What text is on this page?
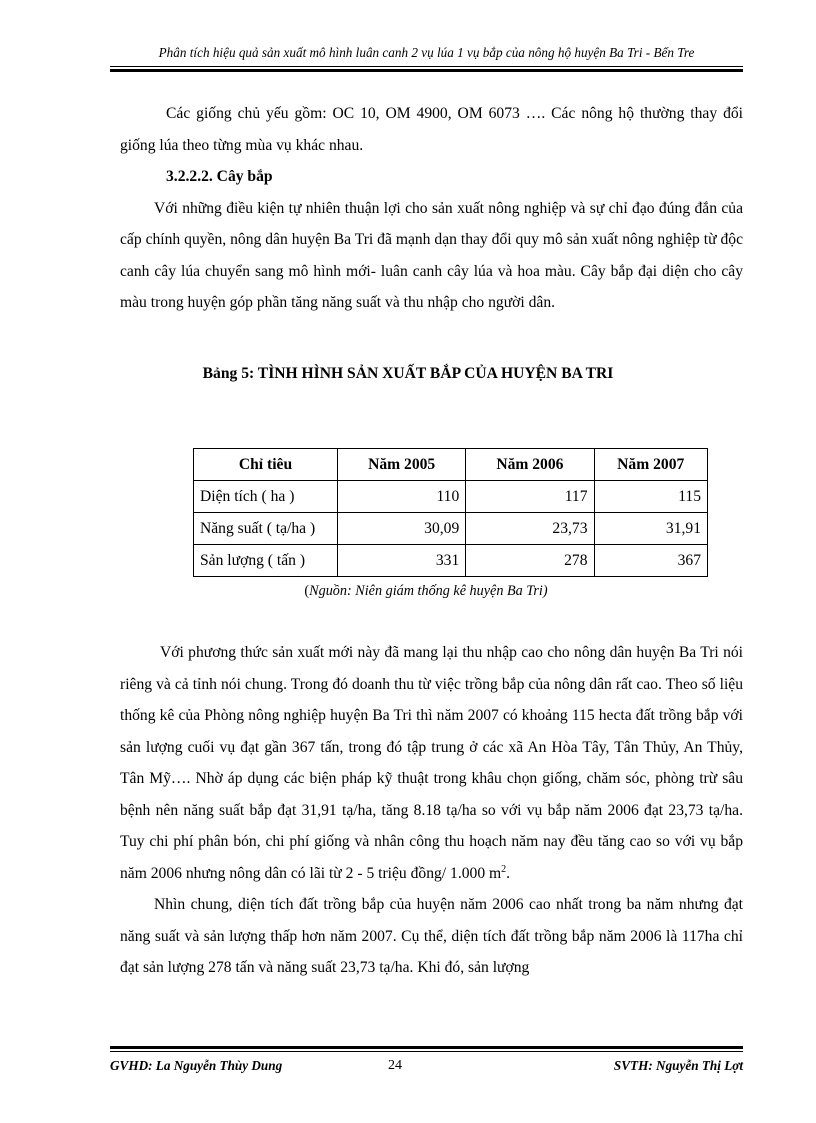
Phân tích hiệu quả sản xuất mô hình luân canh 2 vụ lúa 1 vụ bắp của nông hộ huyện Ba Tri - Bến Tre

Các giống chủ yếu gồm: OC 10, OM 4900, OM 6073 …. Các nông hộ thường thay đổi giống lúa theo từng mùa vụ khác nhau.

3.2.2.2. Cây bắp

Với những điều kiện tự nhiên thuận lợi cho sản xuất nông nghiệp và sự chỉ đạo đúng đắn của cấp chính quyền, nông dân huyện Ba Tri đã mạnh dạn thay đổi quy mô sản xuất nông nghiệp từ độc canh cây lúa chuyển sang mô hình mới- luân canh cây lúa và hoa màu. Cây bắp đại diện cho cây màu trong huyện góp phần tăng năng suất và thu nhập cho người dân.

Bảng 5: TÌNH HÌNH SẢN XUẤT BẮP CỦA HUYỆN BA TRI
Chỉ tiêu	Năm 2005	Năm 2006	Năm 2007
Diện tích ( ha )	110	117	115
Năng suất ( tạ/ha )	30,09	23,73	31,91
Sản lượng ( tấn )	331	278	367
(Nguồn: Niên giám thống kê huyện Ba Tri)

Với phương thức sản xuất mới này đã mang lại thu nhập cao cho nông dân huyện Ba Tri nói riêng và cả tỉnh nói chung. Trong đó doanh thu từ việc trồng bắp của nông dân rất cao. Theo số liệu thống kê của Phòng nông nghiệp huyện Ba Tri thì năm 2007 có khoảng 115 hecta đất trồng bắp với sản lượng cuối vụ đạt gần 367 tấn, trong đó tập trung ở các xã An Hòa Tây, Tân Thủy, An Thủy, Tân Mỹ…. Nhờ áp dụng các biện pháp kỹ thuật trong khâu chọn giống, chăm sóc, phòng trừ sâu bệnh nên năng suất bắp đạt 31,91 tạ/ha, tăng 8.18 tạ/ha so với vụ bắp năm 2006 đạt 23,73 tạ/ha. Tuy chi phí phân bón, chi phí giống và nhân công thu hoạch năm nay đều tăng cao so với vụ bắp năm 2006 nhưng nông dân có lãi từ 2 - 5 triệu đồng/ 1.000 $m^2$.

Nhìn chung, diện tích đất trồng bắp của huyện năm 2006 cao nhất trong ba năm nhưng đạt năng suất và sản lượng thấp hơn năm 2007. Cụ thể, diện tích đất trồng bắp năm 2006 là 117ha chỉ đạt sản lượng 278 tấn và năng suất 23,73 tạ/ha. Khi đó, sản lượng

GVHD: La Nguyễn Thùy Dung	24	SVTH: Nguyễn Thị Lợt
